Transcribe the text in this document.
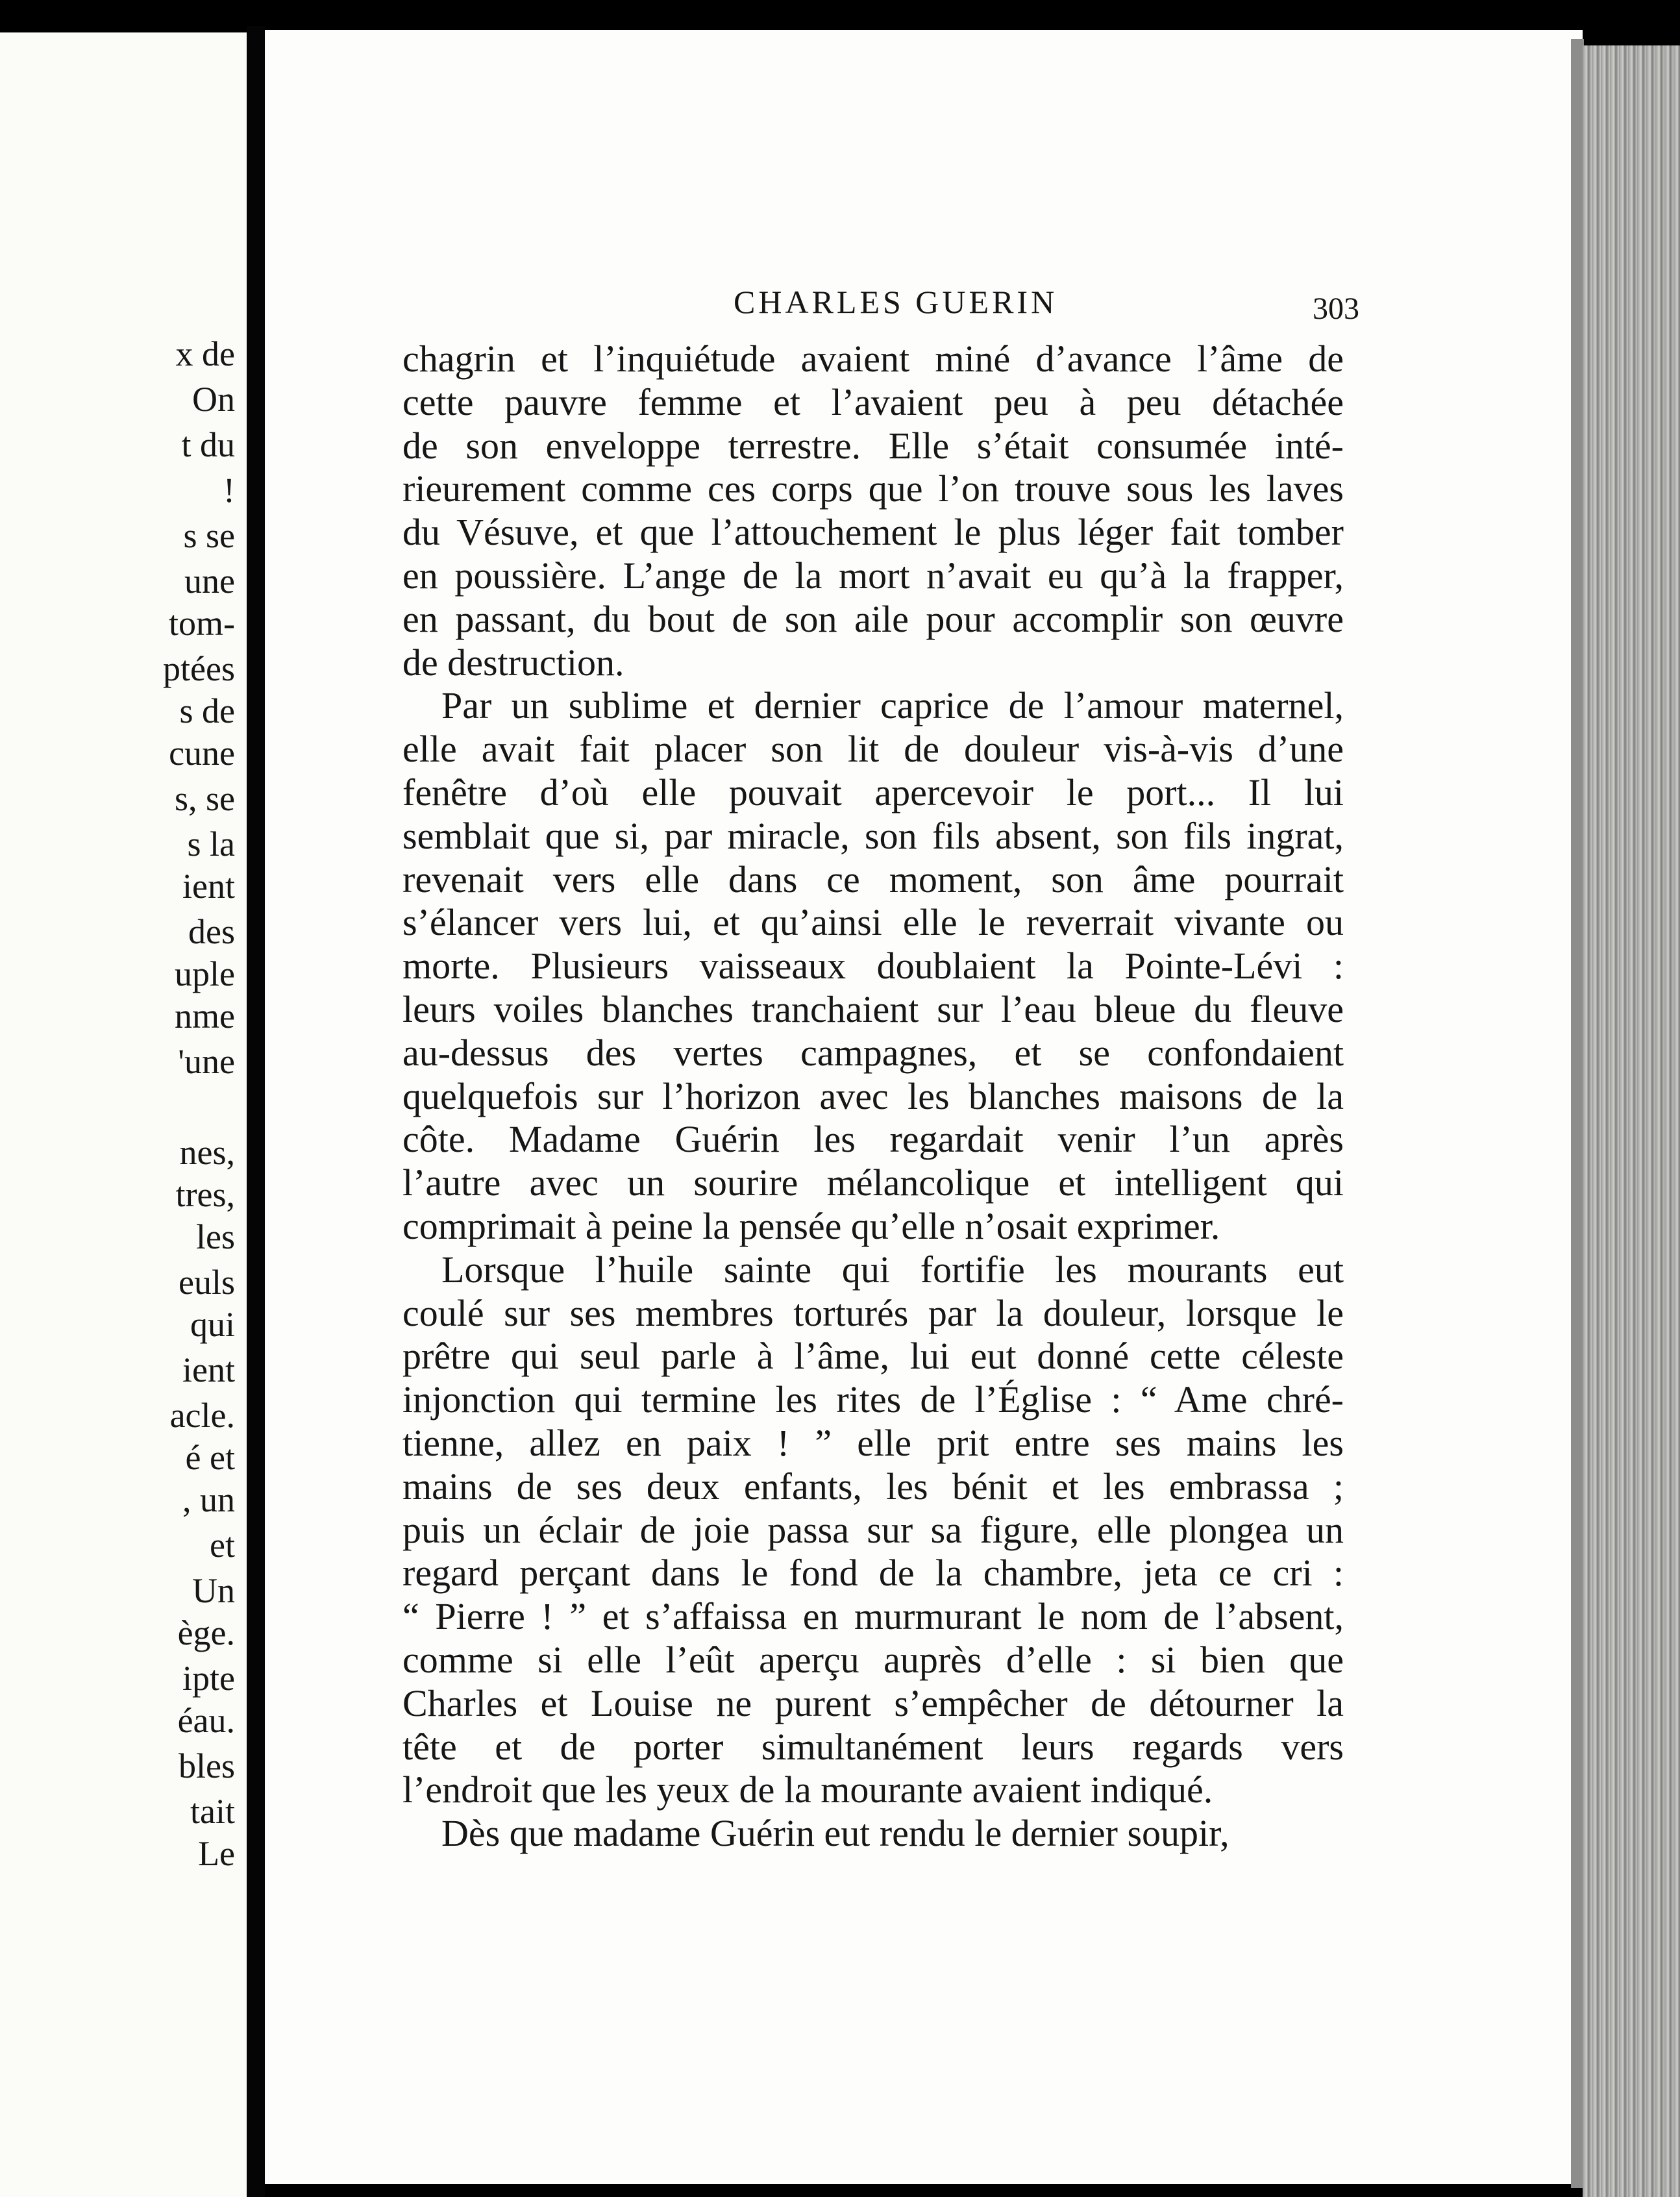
x de
On
t du
!
s se
une
tom-
ptées
s de
cune
s, se
s la
ient
des
uple
nme
'une
nes,
tres,
les
euls
qui
ient
acle.
é et
, un
et
Un
ège.
ipte
éau.
bles
tait
Le
CHARLES GUERIN	303
chagrin et l’inquiétude avaient miné d’avance l’âme de
cette pauvre femme et l’avaient peu à peu détachée
de son enveloppe terrestre. Elle s’était consumée inté-
rieurement comme ces corps que l’on trouve sous les laves
du Vésuve, et que l’attouchement le plus léger fait tomber
en poussière. L’ange de la mort n’avait eu qu’à la frapper,
en passant, du bout de son aile pour accomplir son œuvre
de destruction.
Par un sublime et dernier caprice de l’amour maternel,
elle avait fait placer son lit de douleur vis-à-vis d’une
fenêtre d’où elle pouvait apercevoir le port... Il lui
semblait que si, par miracle, son fils absent, son fils ingrat,
revenait vers elle dans ce moment, son âme pourrait
s’élancer vers lui, et qu’ainsi elle le reverrait vivante ou
morte. Plusieurs vaisseaux doublaient la Pointe-Lévi :
leurs voiles blanches tranchaient sur l’eau bleue du fleuve
au-dessus des vertes campagnes, et se confondaient
quelquefois sur l’horizon avec les blanches maisons de la
côte. Madame Guérin les regardait venir l’un après
l’autre avec un sourire mélancolique et intelligent qui
comprimait à peine la pensée qu’elle n’osait exprimer.
Lorsque l’huile sainte qui fortifie les mourants eut
coulé sur ses membres torturés par la douleur, lorsque le
prêtre qui seul parle à l’âme, lui eut donné cette céleste
injonction qui termine les rites de l’Église : “ Ame chré-
tienne, allez en paix ! ” elle prit entre ses mains les
mains de ses deux enfants, les bénit et les embrassa ;
puis un éclair de joie passa sur sa figure, elle plongea un
regard perçant dans le fond de la chambre, jeta ce cri :
“ Pierre ! ” et s’affaissa en murmurant le nom de l’absent,
comme si elle l’eût aperçu auprès d’elle : si bien que
Charles et Louise ne purent s’empêcher de détourner la
tête et de porter simultanément leurs regards vers
l’endroit que les yeux de la mourante avaient indiqué.
Dès que madame Guérin eut rendu le dernier soupir,
